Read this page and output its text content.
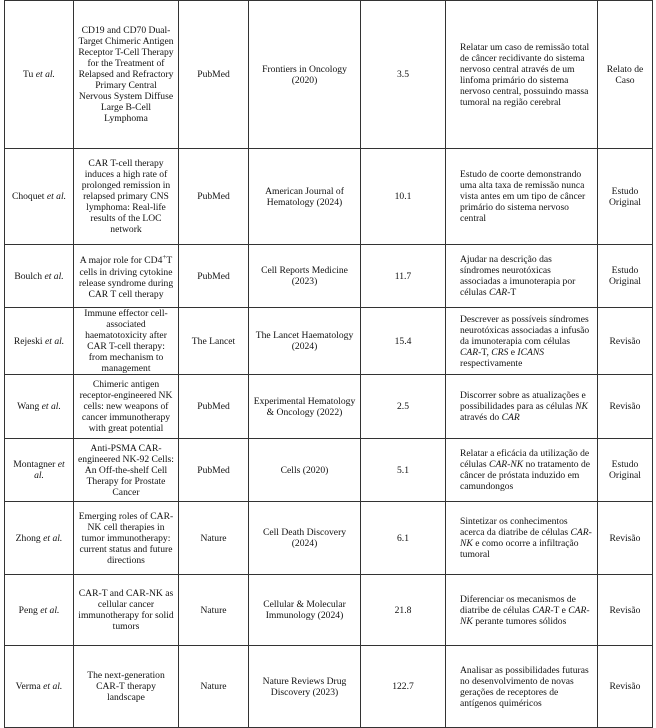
Tu et al.	CD19 and CD70 Dual-Target Chimeric Antigen Receptor T-Cell Therapy for the Treatment of Relapsed and Refractory Primary Central Nervous System Diffuse Large B-Cell Lymphoma	PubMed	Frontiers in Oncology (2020)	3.5	Relatar um caso de remissão total de câncer recidivante do sistema nervoso central através de um linfoma primário do sistema nervoso central, possuindo massa tumoral na região cerebral	Relato de Caso
Choquet et al.	CAR T-cell therapy induces a high rate of prolonged remission in relapsed primary CNS lymphoma: Real-life results of the LOC network	PubMed	American Journal of Hematology (2024)	10.1	Estudo de coorte demonstrando uma alta taxa de remissão nunca vista antes em um tipo de câncer primário do sistema nervoso central	Estudo Original
Boulch et al.	A major role for CD4+T cells in driving cytokine release syndrome during CAR T cell therapy	PubMed	Cell Reports Medicine (2023)	11.7	Ajudar na descrição das síndromes neurotóxicas associadas a imunoterapia por células CAR-T	Estudo Original
Rejeski et al.	Immune effector cell-associated haematotoxicity after CAR T-cell therapy: from mechanism to management	The Lancet	The Lancet Haematology (2024)	15.4	Descrever as possíveis síndromes neurotóxicas associadas a infusão da imunoterapia com células CAR-T, CRS e ICANS respectivamente	Revisão
Wang et al.	Chimeric antigen receptor-engineered NK cells: new weapons of cancer immunotherapy with great potential	PubMed	Experimental Hematology & Oncology (2022)	2.5	Discorrer sobre as atualizações e possibilidades para as células NK através do CAR	Revisão
Montagner et al.	Anti-PSMA CAR-engineered NK-92 Cells: An Off-the-shelf Cell Therapy for Prostate Cancer	PubMed	Cells (2020)	5.1	Relatar a eficácia da utilização de células CAR-NK no tratamento de câncer de próstata induzido em camundongos	Estudo Original
Zhong et al.	Emerging roles of CAR-NK cell therapies in tumor immunotherapy: current status and future directions	Nature	Cell Death Discovery (2024)	6.1	Sintetizar os conhecimentos acerca da diatribe de células CAR-NK e como ocorre a infiltração tumoral	Revisão
Peng et al.	CAR-T and CAR-NK as cellular cancer immunotherapy for solid tumors	Nature	Cellular & Molecular Immunology (2024)	21.8	Diferenciar os mecanismos de diatribe de células CAR-T e CAR-NK perante tumores sólidos	Revisão
Verma et al.	The next-generation CAR-T therapy landscape	Nature	Nature Reviews Drug Discovery (2023)	122.7	Analisar as possibilidades futuras no desenvolvimento de novas gerações de receptores de antígenos quiméricos	Revisão
